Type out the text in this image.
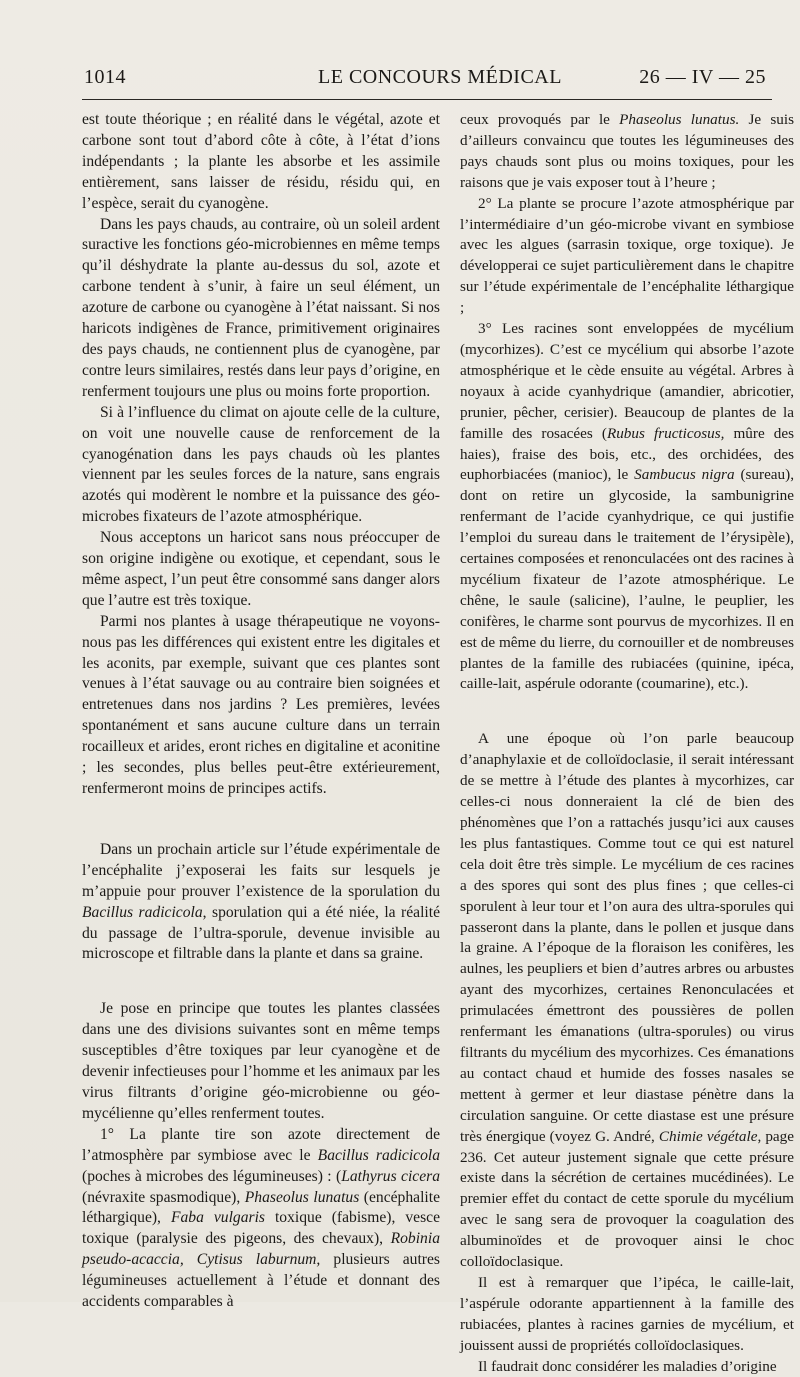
1014	LE CONCOURS MÉDICAL	26 — IV — 25

est toute théorique ; en réalité dans le végétal, azote et carbone sont tout d’abord côte à côte, à l’état d’ions indépendants ; la plante les absorbe et les assimile entièrement, sans laisser de résidu, résidu qui, en l’espèce, serait du cyanogène.

Dans les pays chauds, au contraire, où un soleil ardent suractive les fonctions géo-microbiennes en même temps qu’il déshydrate la plante au-dessus du sol, azote et carbone tendent à s’unir, à faire un seul élément, un azoture de carbone ou cyanogène à l’état naissant. Si nos haricots indigènes de France, primitivement originaires des pays chauds, ne contiennent plus de cyanogène, par contre leurs similaires, restés dans leur pays d’origine, en renferment toujours une plus ou moins forte proportion.

Si à l’influence du climat on ajoute celle de la culture, on voit une nouvelle cause de renforcement de la cyanogénation dans les pays chauds où les plantes viennent par les seules forces de la nature, sans engrais azotés qui modèrent le nombre et la puissance des géo-microbes fixateurs de l’azote atmosphérique.

Nous acceptons un haricot sans nous préoccuper de son origine indigène ou exotique, et cependant, sous le même aspect, l’un peut être consommé sans danger alors que l’autre est très toxique.

Parmi nos plantes à usage thérapeutique ne voyons-nous pas les différences qui existent entre les digitales et les aconits, par exemple, suivant que ces plantes sont venues à l’état sauvage ou au contraire bien soignées et entretenues dans nos jardins ? Les premières, levées spontanément et sans aucune culture dans un terrain rocailleux et arides, eront riches en digitaline et aconitine ; les secondes, plus belles peut-être extérieurement, renfermeront moins de principes actifs.

Dans un prochain article sur l’étude expérimentale de l’encéphalite j’exposerai les faits sur lesquels je m’appuie pour prouver l’existence de la sporulation du Bacillus radicicola, sporulation qui a été niée, la réalité du passage de l’ultra-sporule, devenue invisible au microscope et filtrable dans la plante et dans sa graine.

Je pose en principe que toutes les plantes classées dans une des divisions suivantes sont en même temps susceptibles d’être toxiques par leur cyanogène et de devenir infectieuses pour l’homme et les animaux par les virus filtrants d’origine géo-microbienne ou géo-mycélienne qu’elles renferment toutes.

1° La plante tire son azote directement de l’atmosphère par symbiose avec le Bacillus radicicola (poches à microbes des légumineuses) : (Lathyrus cicera (névraxite spasmodique), Phaseolus lunatus (encéphalite léthargique), Faba vulgaris toxique (fabisme), vesce toxique (paralysie des pigeons, des chevaux), Robinia pseudo-acaccia, Cytisus laburnum, plusieurs autres légumineuses actuellement à l’étude et donnant des accidents comparables à

ceux provoqués par le Phaseolus lunatus. Je suis d’ailleurs convaincu que toutes les légumineuses des pays chauds sont plus ou moins toxiques, pour les raisons que je vais exposer tout à l’heure ;

2° La plante se procure l’azote atmosphérique par l’intermédiaire d’un géo-microbe vivant en symbiose avec les algues (sarrasin toxique, orge toxique). Je développerai ce sujet particulièrement dans le chapitre sur l’étude expérimentale de l’encéphalite léthargique ;

3° Les racines sont enveloppées de mycélium (mycorhizes). C’est ce mycélium qui absorbe l’azote atmosphérique et le cède ensuite au végétal. Arbres à noyaux à acide cyanhydrique (amandier, abricotier, prunier, pêcher, cerisier). Beaucoup de plantes de la famille des rosacées (Rubus fructicosus, mûre des haies), fraise des bois, etc., des orchidées, des euphorbiacées (manioc), le Sambucus nigra (sureau), dont on retire un glycoside, la sambunigrine renfermant de l’acide cyanhydrique, ce qui justifie l’emploi du sureau dans le traitement de l’érysipèle), certaines composées et renonculacées ont des racines à mycélium fixateur de l’azote atmosphérique. Le chêne, le saule (salicine), l’aulne, le peuplier, les conifères, le charme sont pourvus de mycorhizes. Il en est de même du lierre, du cornouiller et de nombreuses plantes de la famille des rubiacées (quinine, ipéca, caille-lait, aspérule odorante (coumarine), etc.).

A une époque où l’on parle beaucoup d’anaphylaxie et de colloïdoclasie, il serait intéressant de se mettre à l’étude des plantes à mycorhizes, car celles-ci nous donneraient la clé de bien des phénomènes que l’on a rattachés jusqu’ici aux causes les plus fantastiques. Comme tout ce qui est naturel cela doit être très simple. Le mycélium de ces racines a des spores qui sont des plus fines ; que celles-ci sporulent à leur tour et l’on aura des ultra-sporules qui passeront dans la plante, dans le pollen et jusque dans la graine. A l’époque de la floraison les conifères, les aulnes, les peupliers et bien d’autres arbres ou arbustes ayant des mycorhizes, certaines Renonculacées et primulacées émettront des poussières de pollen renfermant les émanations (ultra-sporules) ou virus filtrants du mycélium des mycorhizes. Ces émanations au contact chaud et humide des fosses nasales se mettent à germer et leur diastase pénètre dans la circulation sanguine. Or cette diastase est une présure très énergique (voyez G. André, Chimie végétale, page 236. Cet auteur justement signale que cette présure existe dans la sécrétion de certaines mucédinées). Le premier effet du contact de cette sporule du mycélium avec le sang sera de provoquer la coagulation des albuminoïdes et de provoquer ainsi le choc colloïdoclasique.

Il est à remarquer que l’ipéca, le caille-lait, l’aspérule odorante appartiennent à la famille des rubiacées, plantes à racines garnies de mycélium, et jouissent aussi de propriétés colloïdoclasiques.

Il faudrait donc considérer les maladies d’origine
